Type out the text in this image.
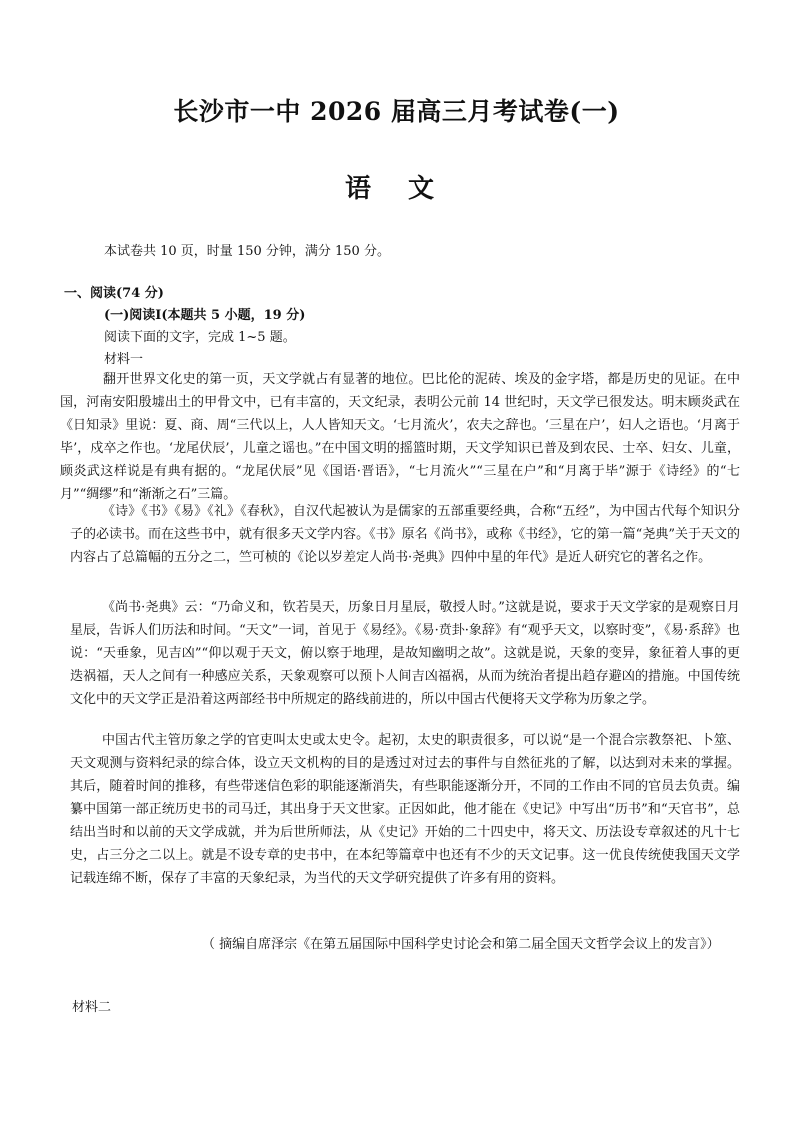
长沙市一中 2026 届高三月考试卷(一)
语 文
本试卷共 10 页，时量 150 分钟，满分 150 分。
一、阅读(74 分)
(一)阅读Ⅰ(本题共 5 小题，19 分)
阅读下面的文字，完成 1~5 题。
材料一
翻开世界文化史的第一页，天文学就占有显著的地位。巴比伦的泥砖、埃及的金字塔，都是历史的见证。在中国，河南安阳殷墟出土的甲骨文中，已有丰富的，天文纪录，表明公元前 14 世纪时，天文学已很发达。明末顾炎武在《日知录》里说：夏、商、周“三代以上，人人皆知天文。‘七月流火’，农夫之辞也。‘三星在户’，妇人之语也。‘月离于毕’，戍卒之作也。‘龙尾伏辰’，儿童之谣也。”在中国文明的摇篮时期，天文学知识已普及到农民、士卒、妇女、儿童，顾炎武这样说是有典有据的。“龙尾伏辰”见《国语·晋语》，“七月流火”“三星在户”和“月离于毕”源于《诗经》的“七月”“绸缪”和“渐渐之石”三篇。
《诗》《书》《易》《礼》《春秋》，自汉代起被认为是儒家的五部重要经典，合称“五经”，为中国古代每个知识分子的必读书。而在这些书中，就有很多天文学内容。《书》原名《尚书》，或称《书经》，它的第一篇“尧典”关于天文的内容占了总篇幅的五分之二，竺可桢的《论以岁差定人尚书·尧典》四仲中星的年代》是近人研究它的著名之作。
《尚书·尧典》云：“乃命义和，钦若昊天，历象日月星辰，敬授人时。”这就是说，要求于天文学家的是观察日月星辰，告诉人们历法和时间。“天文”一词，首见于《易经》。《易·贲卦·象辞》有“观乎天文，以察时变”，《易·系辞》也说：“天垂象，见吉凶”“仰以观于天文，俯以察于地理，是故知幽明之故”。这就是说，天象的变异，象征着人事的更迭祸福，天人之间有一种感应关系，天象观察可以预卜人间吉凶福祸，从而为统治者提出趋存避凶的措施。中国传统文化中的天文学正是沿着这两部经书中所规定的路线前进的，所以中国古代便将天文学称为历象之学。
中国古代主管历象之学的官吏叫太史或太史令。起初，太史的职责很多，可以说“是一个混合宗教祭祀、卜筮、天文观测与资料纪录的综合体，设立天文机构的目的是透过对过去的事件与自然征兆的了解，以达到对未来的掌握。其后，随着时间的推移，有些带迷信色彩的职能逐渐消失，有些职能逐渐分开，不同的工作由不同的官员去负责。编纂中国第一部正统历史书的司马迁，其出身于天文世家。正因如此，他才能在《史记》中写出“历书”和“天官书”，总结出当时和以前的天文学成就，并为后世所师法，从《史记》开始的二十四史中，将天文、历法设专章叙述的凡十七史，占三分之二以上。就是不设专章的史书中，在本纪等篇章中也还有不少的天文记事。这一优良传统使我国天文学记载连绵不断，保存了丰富的天象纪录，为当代的天文学研究提供了许多有用的资料。
（ 摘编自席泽宗《在第五届国际中国科学史讨论会和第二届全国天文哲学会议上的发言》）
材料二
